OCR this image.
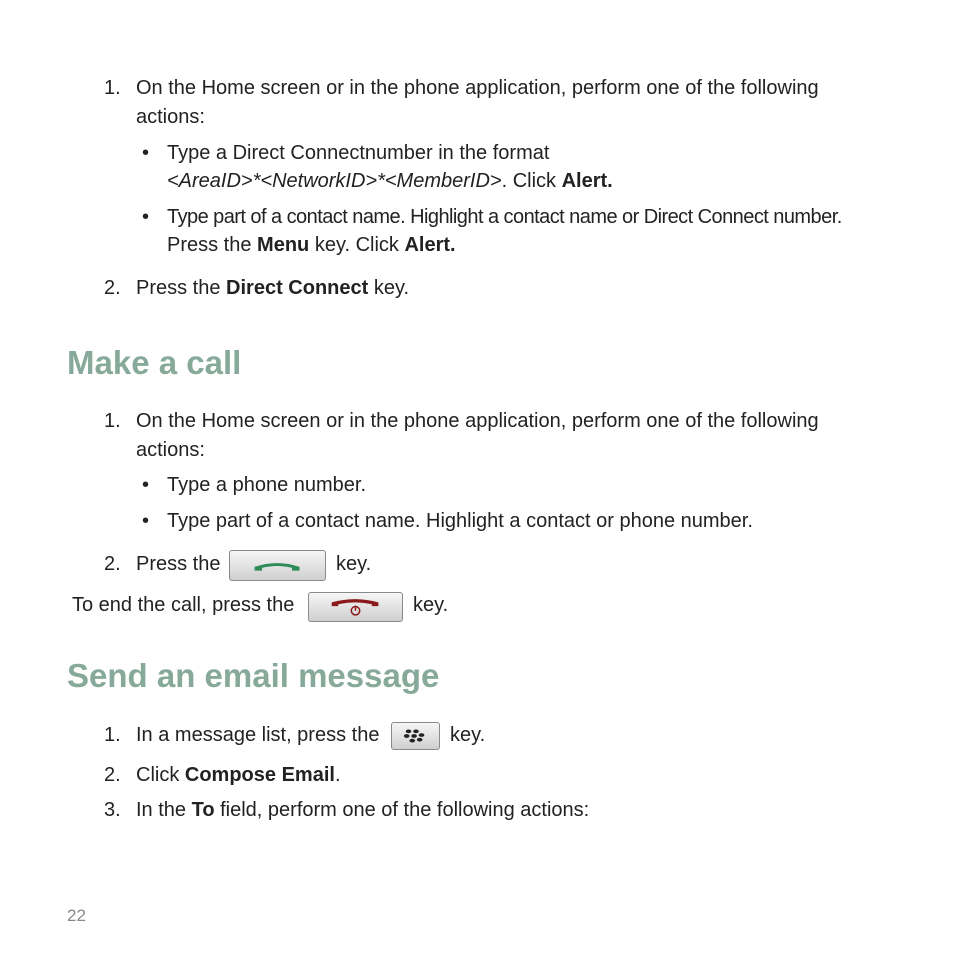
1. On the Home screen or in the phone application, perform one of the following
actions:
• Type a Direct Connectnumber in the format
<AreaID>*<NetworkID>*<MemberID>. Click Alert.
• Type part of a contact name. Highlight a contact name or Direct Connect number.
Press the Menu key. Click Alert.
2. Press the Direct Connect key.
Make a call
1. On the Home screen or in the phone application, perform one of the following
actions:
• Type a phone number.
• Type part of a contact name. Highlight a contact or phone number.
2. Press the	key.
To end the call, press the	key.
Send an email message
1. In a message list, press the	key.
2. Click Compose Email.
3. In the To field, perform one of the following actions:
22
